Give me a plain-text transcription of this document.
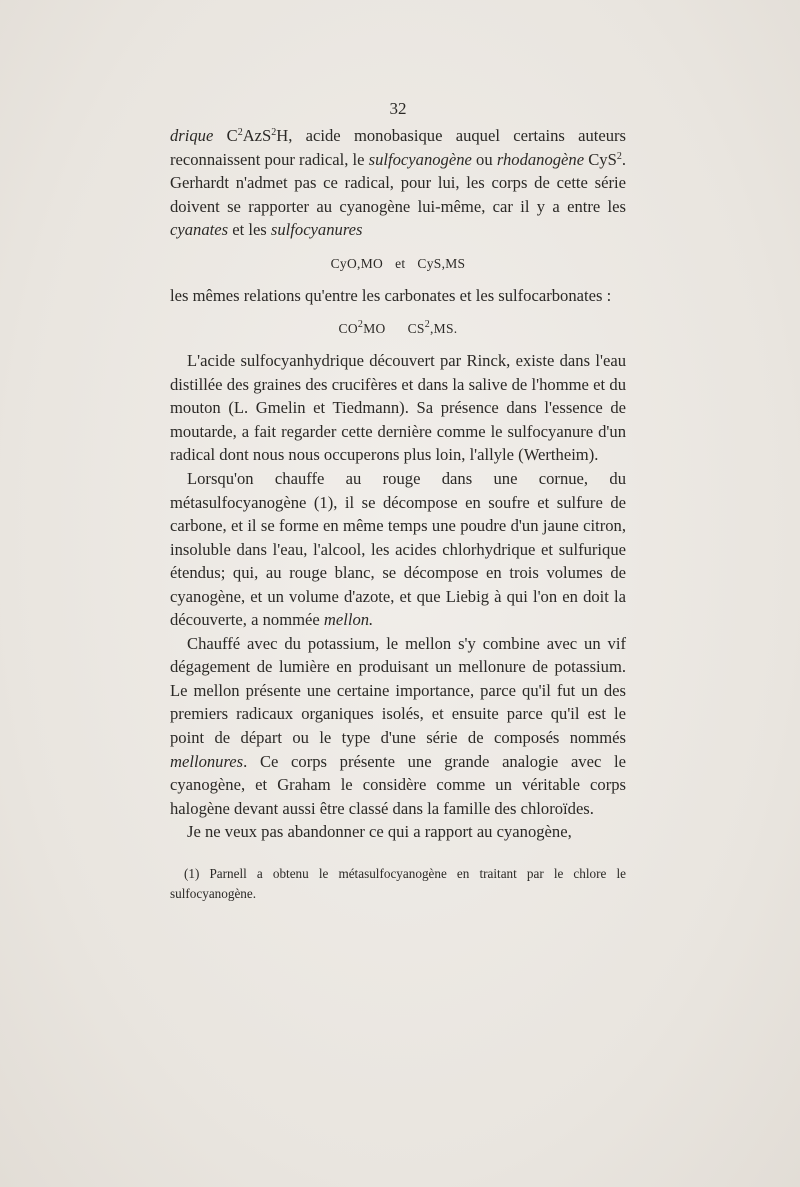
32

drique $C^2AzS^2H$, acide monobasique auquel certains auteurs reconnaissent pour radical, le sulfocyanogène ou rhodanogène CyS$^2$. Gerhardt n'admet pas ce radical, pour lui, les corps de cette série doivent se rapporter au cyanogène lui-même, car il y a entre les cyanates et les sulfocyanures

CyO,MO et CyS,MS

les mêmes relations qu'entre les carbonates et les sulfocarbonates :

$CO^2MO$ $CS^2,MS$.

L'acide sulfocyanhydrique découvert par Rinck, existe dans l'eau distillée des graines des crucifères et dans la salive de l'homme et du mouton (L. Gmelin et Tiedmann). Sa présence dans l'essence de moutarde, a fait regarder cette dernière comme le sulfocyanure d'un radical dont nous nous occuperons plus loin, l'allyle (Wertheim).

Lorsqu'on chauffe au rouge dans une cornue, du métasulfocyanogène (1), il se décompose en soufre et sulfure de carbone, et il se forme en même temps une poudre d'un jaune citron, insoluble dans l'eau, l'alcool, les acides chlorhydrique et sulfurique étendus; qui, au rouge blanc, se décompose en trois volumes de cyanogène, et un volume d'azote, et que Liebig à qui l'on en doit la découverte, a nommée mellon.

Chauffé avec du potassium, le mellon s'y combine avec un vif dégagement de lumière en produisant un mellonure de potassium. Le mellon présente une certaine importance, parce qu'il fut un des premiers radicaux organiques isolés, et ensuite parce qu'il est le point de départ ou le type d'une série de composés nommés mellonures. Ce corps présente une grande analogie avec le cyanogène, et Graham le considère comme un véritable corps halogène devant aussi être classé dans la famille des chloroïdes.

Je ne veux pas abandonner ce qui a rapport au cyanogène,

(1) Parnell a obtenu le métasulfocyanogène en traitant par le chlore le sulfocyanogène.
